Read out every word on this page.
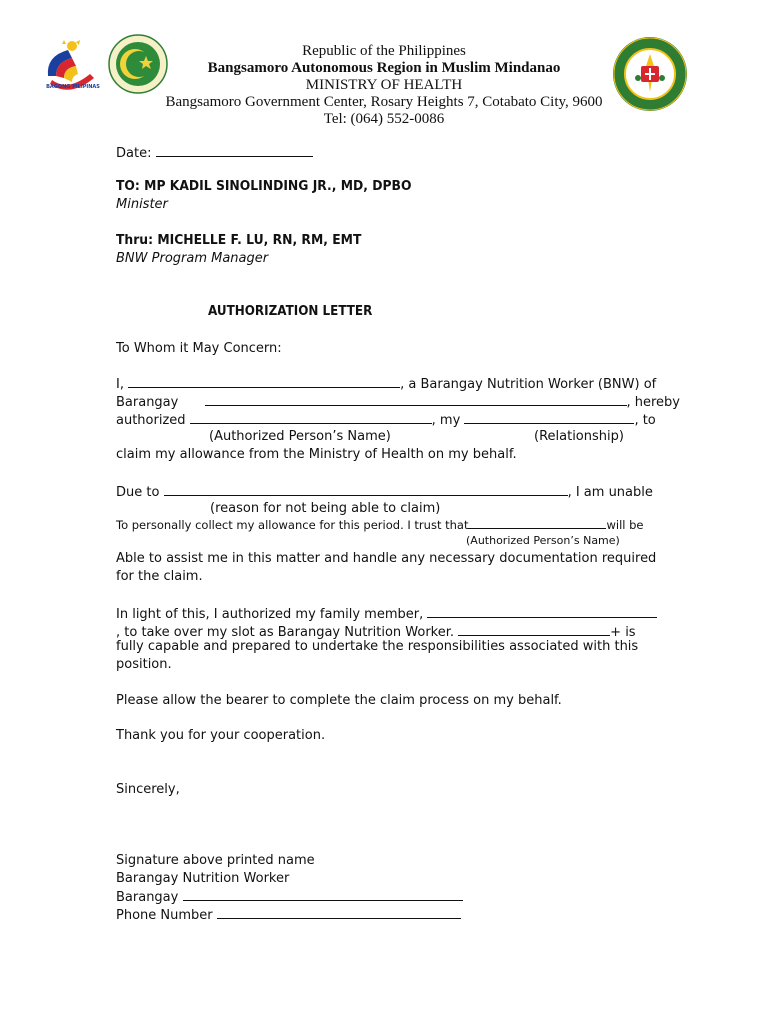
BAGONG PILIPINAS
Republic of the Philippines
Bangsamoro Autonomous Region in Muslim Mindanao
MINISTRY OF HEALTH
Bangsamoro Government Center, Rosary Heights 7, Cotabato City, 9600
Tel: (064) 552-0086
Date:
TO: MP KADIL SINOLINDING JR., MD, DPBO
Minister
Thru: MICHELLE F. LU, RN, RM, EMT
BNW Program Manager
AUTHORIZATION LETTER
To Whom it May Concern:
I,	, a Barangay Nutrition Worker (BNW) of
Barangay	, hereby
authorized	, my	, to
(Authorized Person’s Name)	(Relationship)
claim my allowance from the Ministry of Health on my behalf.
Due to	, I am unable
(reason for not being able to claim)
To personally collect my allowance for this period. I trust that	will be
(Authorized Person’s Name)
Able to assist me in this matter and handle any necessary documentation required
for the claim.
In light of this, I authorized my family member,
, to take over my slot as Barangay Nutrition Worker.	+ is
fully capable and prepared to undertake the responsibilities associated with this
position.
Please allow the bearer to complete the claim process on my behalf.
Thank you for your cooperation.
Sincerely,
Signature above printed name
Barangay Nutrition Worker
Barangay
Phone Number
